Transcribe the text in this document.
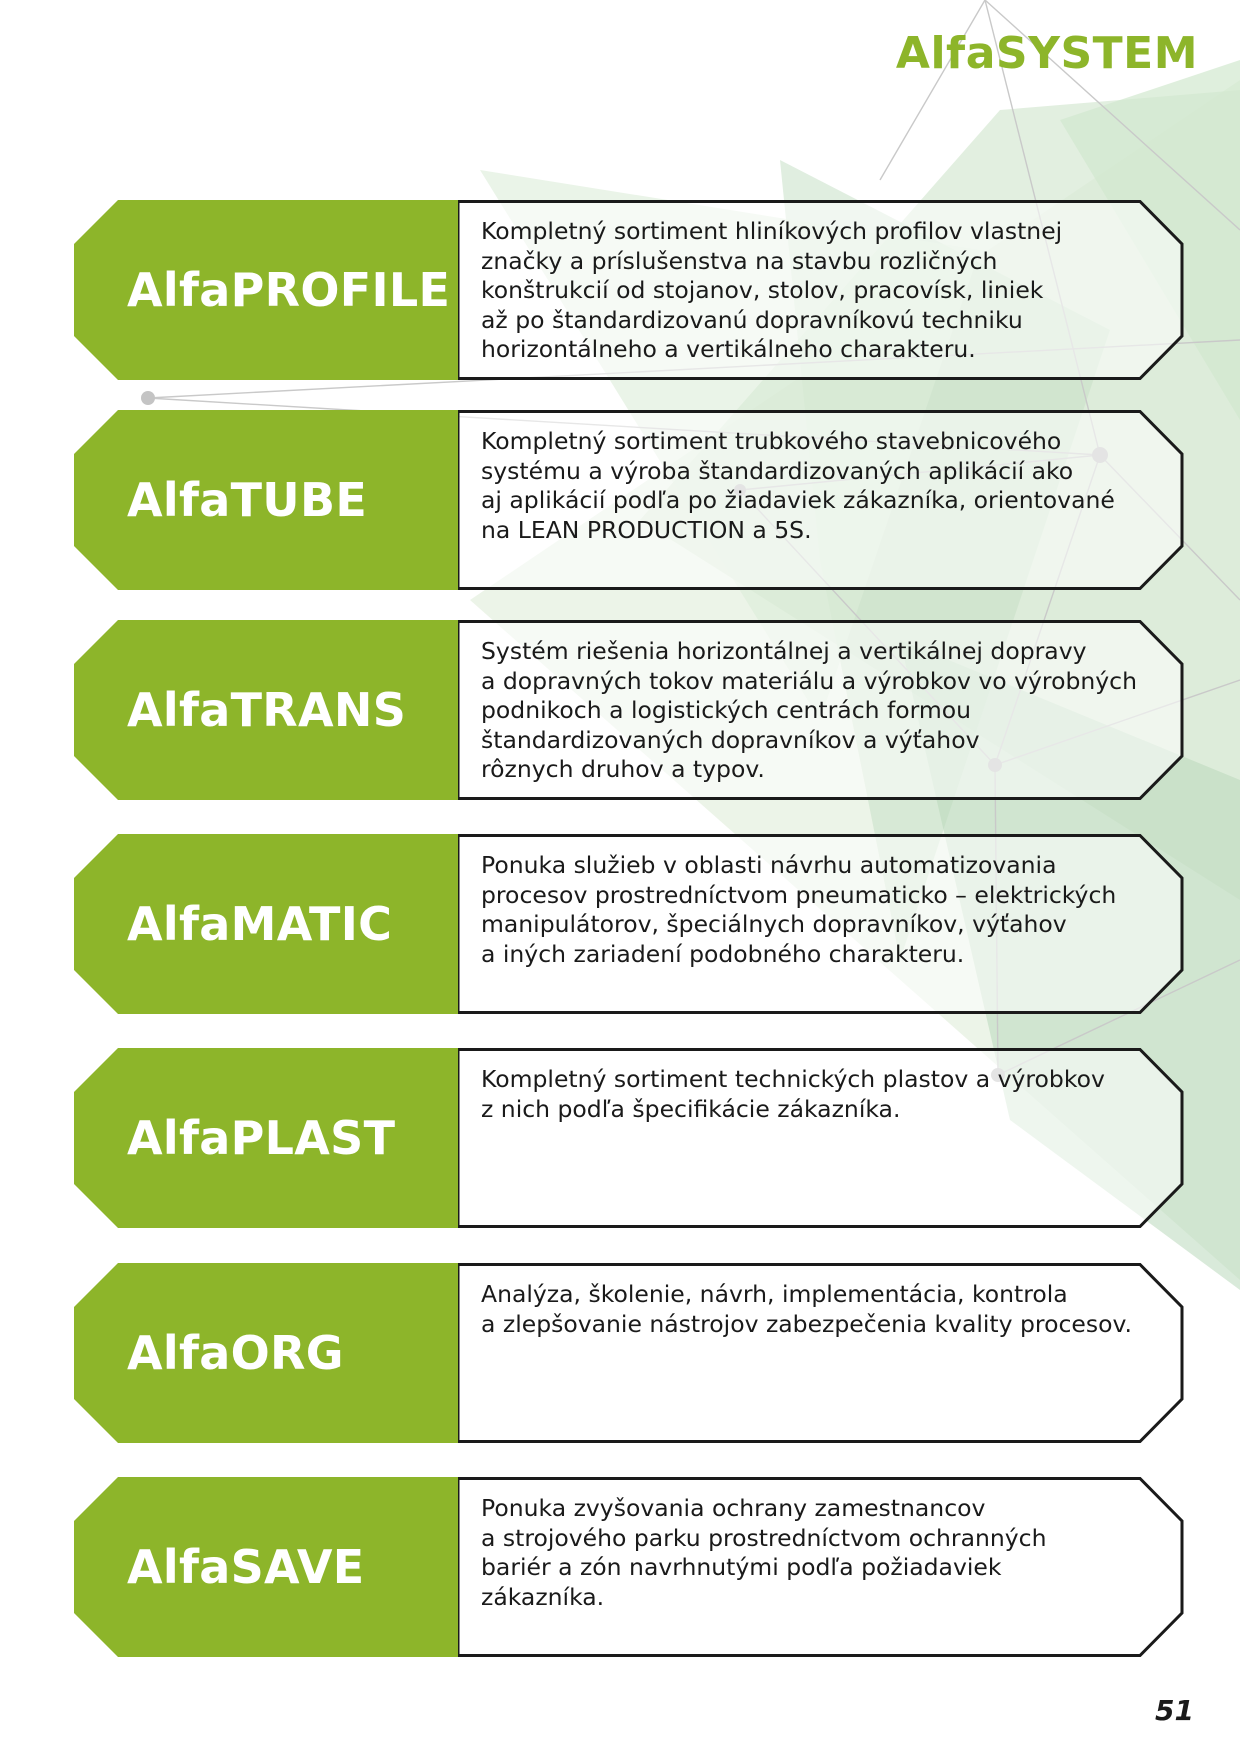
AlfaSYSTEM
AlfaPROFILE

Kompletný sortiment hliníkových profilov vlastnej
značky a príslušenstva na stavbu rozličných
konštrukcií od stojanov, stolov, pracovísk, liniek
až po štandardizovanú dopravníkovú techniku
horizontálneho a vertikálneho charakteru.

AlfaTUBE

Kompletný sortiment trubkového stavebnicového
systému a výroba štandardizovaných aplikácií ako
aj aplikácií podľa po žiadaviek zákazníka, orientované
na LEAN PRODUCTION a 5S.

AlfaTRANS

Systém riešenia horizontálnej a vertikálnej dopravy
a dopravných tokov materiálu a výrobkov vo výrobných
podnikoch a logistických centrách formou
štandardizovaných dopravníkov a výťahov
rôznych druhov a typov.

AlfaMATIC

Ponuka služieb v oblasti návrhu automatizovania
procesov prostredníctvom pneumaticko – elektrických
manipulátorov, špeciálnych dopravníkov, výťahov
a iných zariadení podobného charakteru.

AlfaPLAST

Kompletný sortiment technických plastov a výrobkov
z nich podľa špecifikácie zákazníka.

AlfaORG

Analýza, školenie, návrh, implementácia, kontrola
a zlepšovanie nástrojov zabezpečenia kvality procesov.

AlfaSAVE

Ponuka zvyšovania ochrany zamestnancov
a strojového parku prostredníctvom ochranných
bariér a zón navrhnutými podľa požiadaviek
zákazníka.

51
